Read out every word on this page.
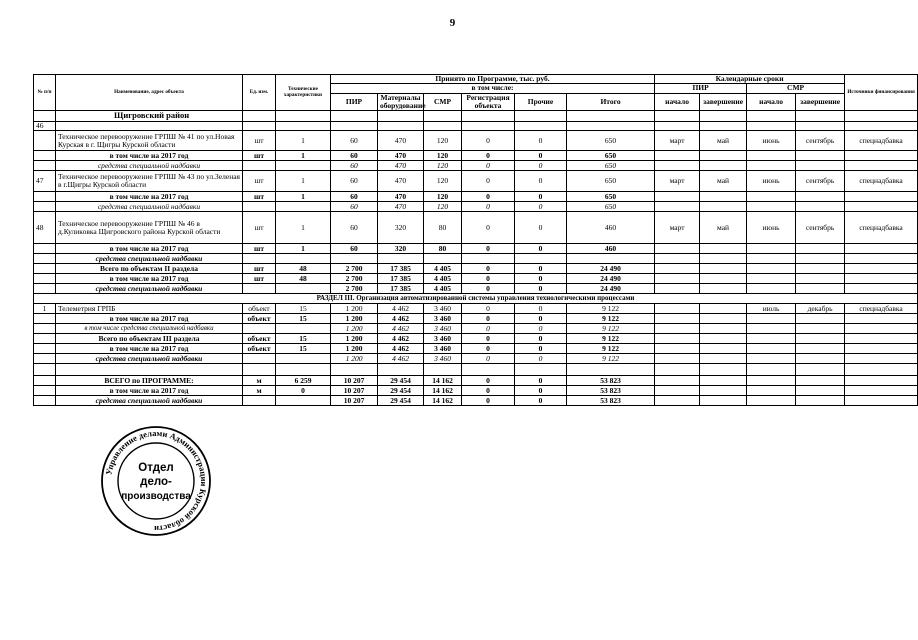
9
№ п/п	Наименование, адрес объекта	Ед. изм.	Технические характеристики	Принято по Программе, тыс. руб.						Календарные сроки				Источники финансирования
				в том числе:						ПИР		СМР		
				ПИР	Материалы оборудование	СМР	Регистрация объекта	Прочие	Итого	начало	завершение	начало	завершение	

	Щигровский район													
46														
	Техническое перевооружение ГРПШ № 41 по ул.Новая Курская в г. Щигры Курской области	шт	1	60	470	120	0	0	650	март	май	июнь	сентябрь	спецнадбавка
	в том числе на 2017 год	шт	1	60	470	120	0	0	650					
	средства специальной надбавки			60	470	120	0	0	650					
47	Техническое перевооружение ГРПШ № 43 по ул.Зеленая в г.Щигры Курской области	шт	1	60	470	120	0	0	650	март	май	июнь	сентябрь	спецнадбавка
	в том числе на 2017 год	шт	1	60	470	120	0	0	650					
	средства специальной надбавки			60	470	120	0	0	650					
48	Техническое перевооружение ГРПШ № 46 в д.Куликовка Щигровского района Курской области	шт	1	60	320	80	0	0	460	март	май	июнь	сентябрь	спецнадбавка
	в том числе на 2017 год	шт	1	60	320	80	0	0	460					
	средства специальной надбавки													
	Всего по объектам II раздела	шт	48	2 700	17 385	4 405	0	0	24 490					
	в том числе на 2017 год	шт	48	2 700	17 385	4 405	0	0	24 490					
	средства специальной надбавки			2 700	17 385	4 405	0	0	24 490					
РАЗДЕЛ III. Организация автоматизированной системы управления технологическими процессами														
1	Телеметрия ГРПБ	объект	15	1 200	4 462	3 460	0	0	9 122			июль	декабрь	спецнадбавка
	в том числе на 2017 год	объект	15	1 200	4 462	3 460	0	0	9 122					
	в том числе средства специальной надбавки			1 200	4 462	3 460	0	0	9 122					
	Всего по объектам III раздела	объект	15	1 200	4 462	3 460	0	0	9 122					
	в том числе на 2017 год	объект	15	1 200	4 462	3 460	0	0	9 122					
	средства специальной надбавки			1 200	4 462	3 460	0	0	9 122					

	ВСЕГО по ПРОГРАММЕ:	м	6 259	10 207	29 454	14 162	0	0	53 823					
	в том числе на 2017 год	м	0	10 207	29 454	14 162	0	0	53 823					
	средства специальной надбавки			10 207	29 454	14 162	0	0	53 823					
Управление делами Администрации Курской области
Отдел
дело-
производства
